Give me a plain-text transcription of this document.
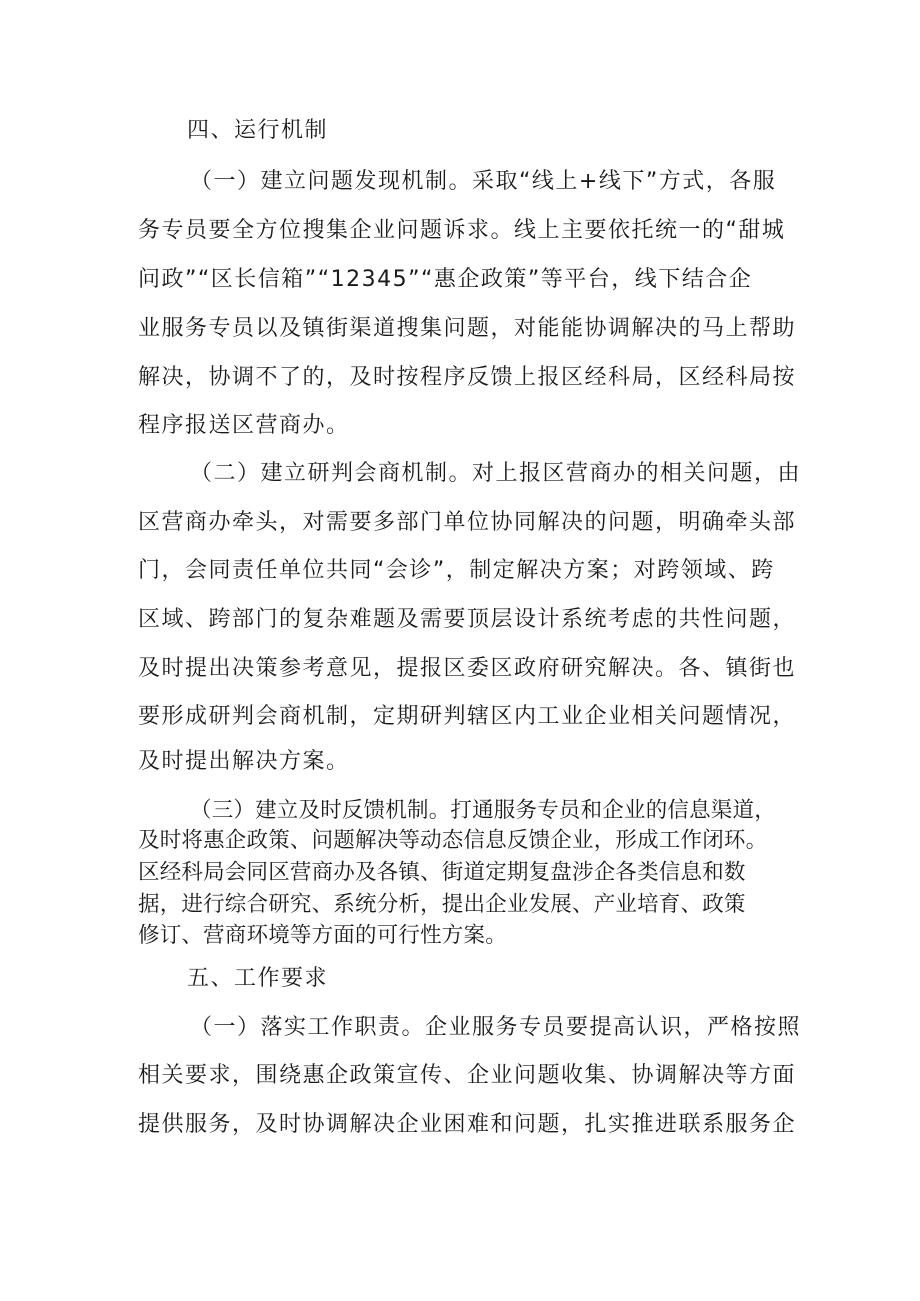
四、运行机制
（一）建立问题发现机制。采取“线上+线下”方式，各服
务专员要全方位搜集企业问题诉求。线上主要依托统一的“甜城
问政”“区长信箱”“12345”“惠企政策”等平台，线下结合企
业服务专员以及镇街渠道搜集问题，对能能协调解决的马上帮助
解决，协调不了的，及时按程序反馈上报区经科局，区经科局按
程序报送区营商办。
（二）建立研判会商机制。对上报区营商办的相关问题，由
区营商办牵头，对需要多部门单位协同解决的问题，明确牵头部
门，会同责任单位共同“会诊”，制定解决方案；对跨领域、跨
区域、跨部门的复杂难题及需要顶层设计系统考虑的共性问题，
及时提出决策参考意见，提报区委区政府研究解决。各、镇街也
要形成研判会商机制，定期研判辖区内工业企业相关问题情况，
及时提出解决方案。
（三）建立及时反馈机制。打通服务专员和企业的信息渠道，
及时将惠企政策、问题解决等动态信息反馈企业，形成工作闭环。
区经科局会同区营商办及各镇、街道定期复盘涉企各类信息和数
据，进行综合研究、系统分析，提出企业发展、产业培育、政策
修订、营商环境等方面的可行性方案。
五、工作要求
（一）落实工作职责。企业服务专员要提高认识，严格按照
相关要求，围绕惠企政策宣传、企业问题收集、协调解决等方面
提供服务，及时协调解决企业困难和问题，扎实推进联系服务企
